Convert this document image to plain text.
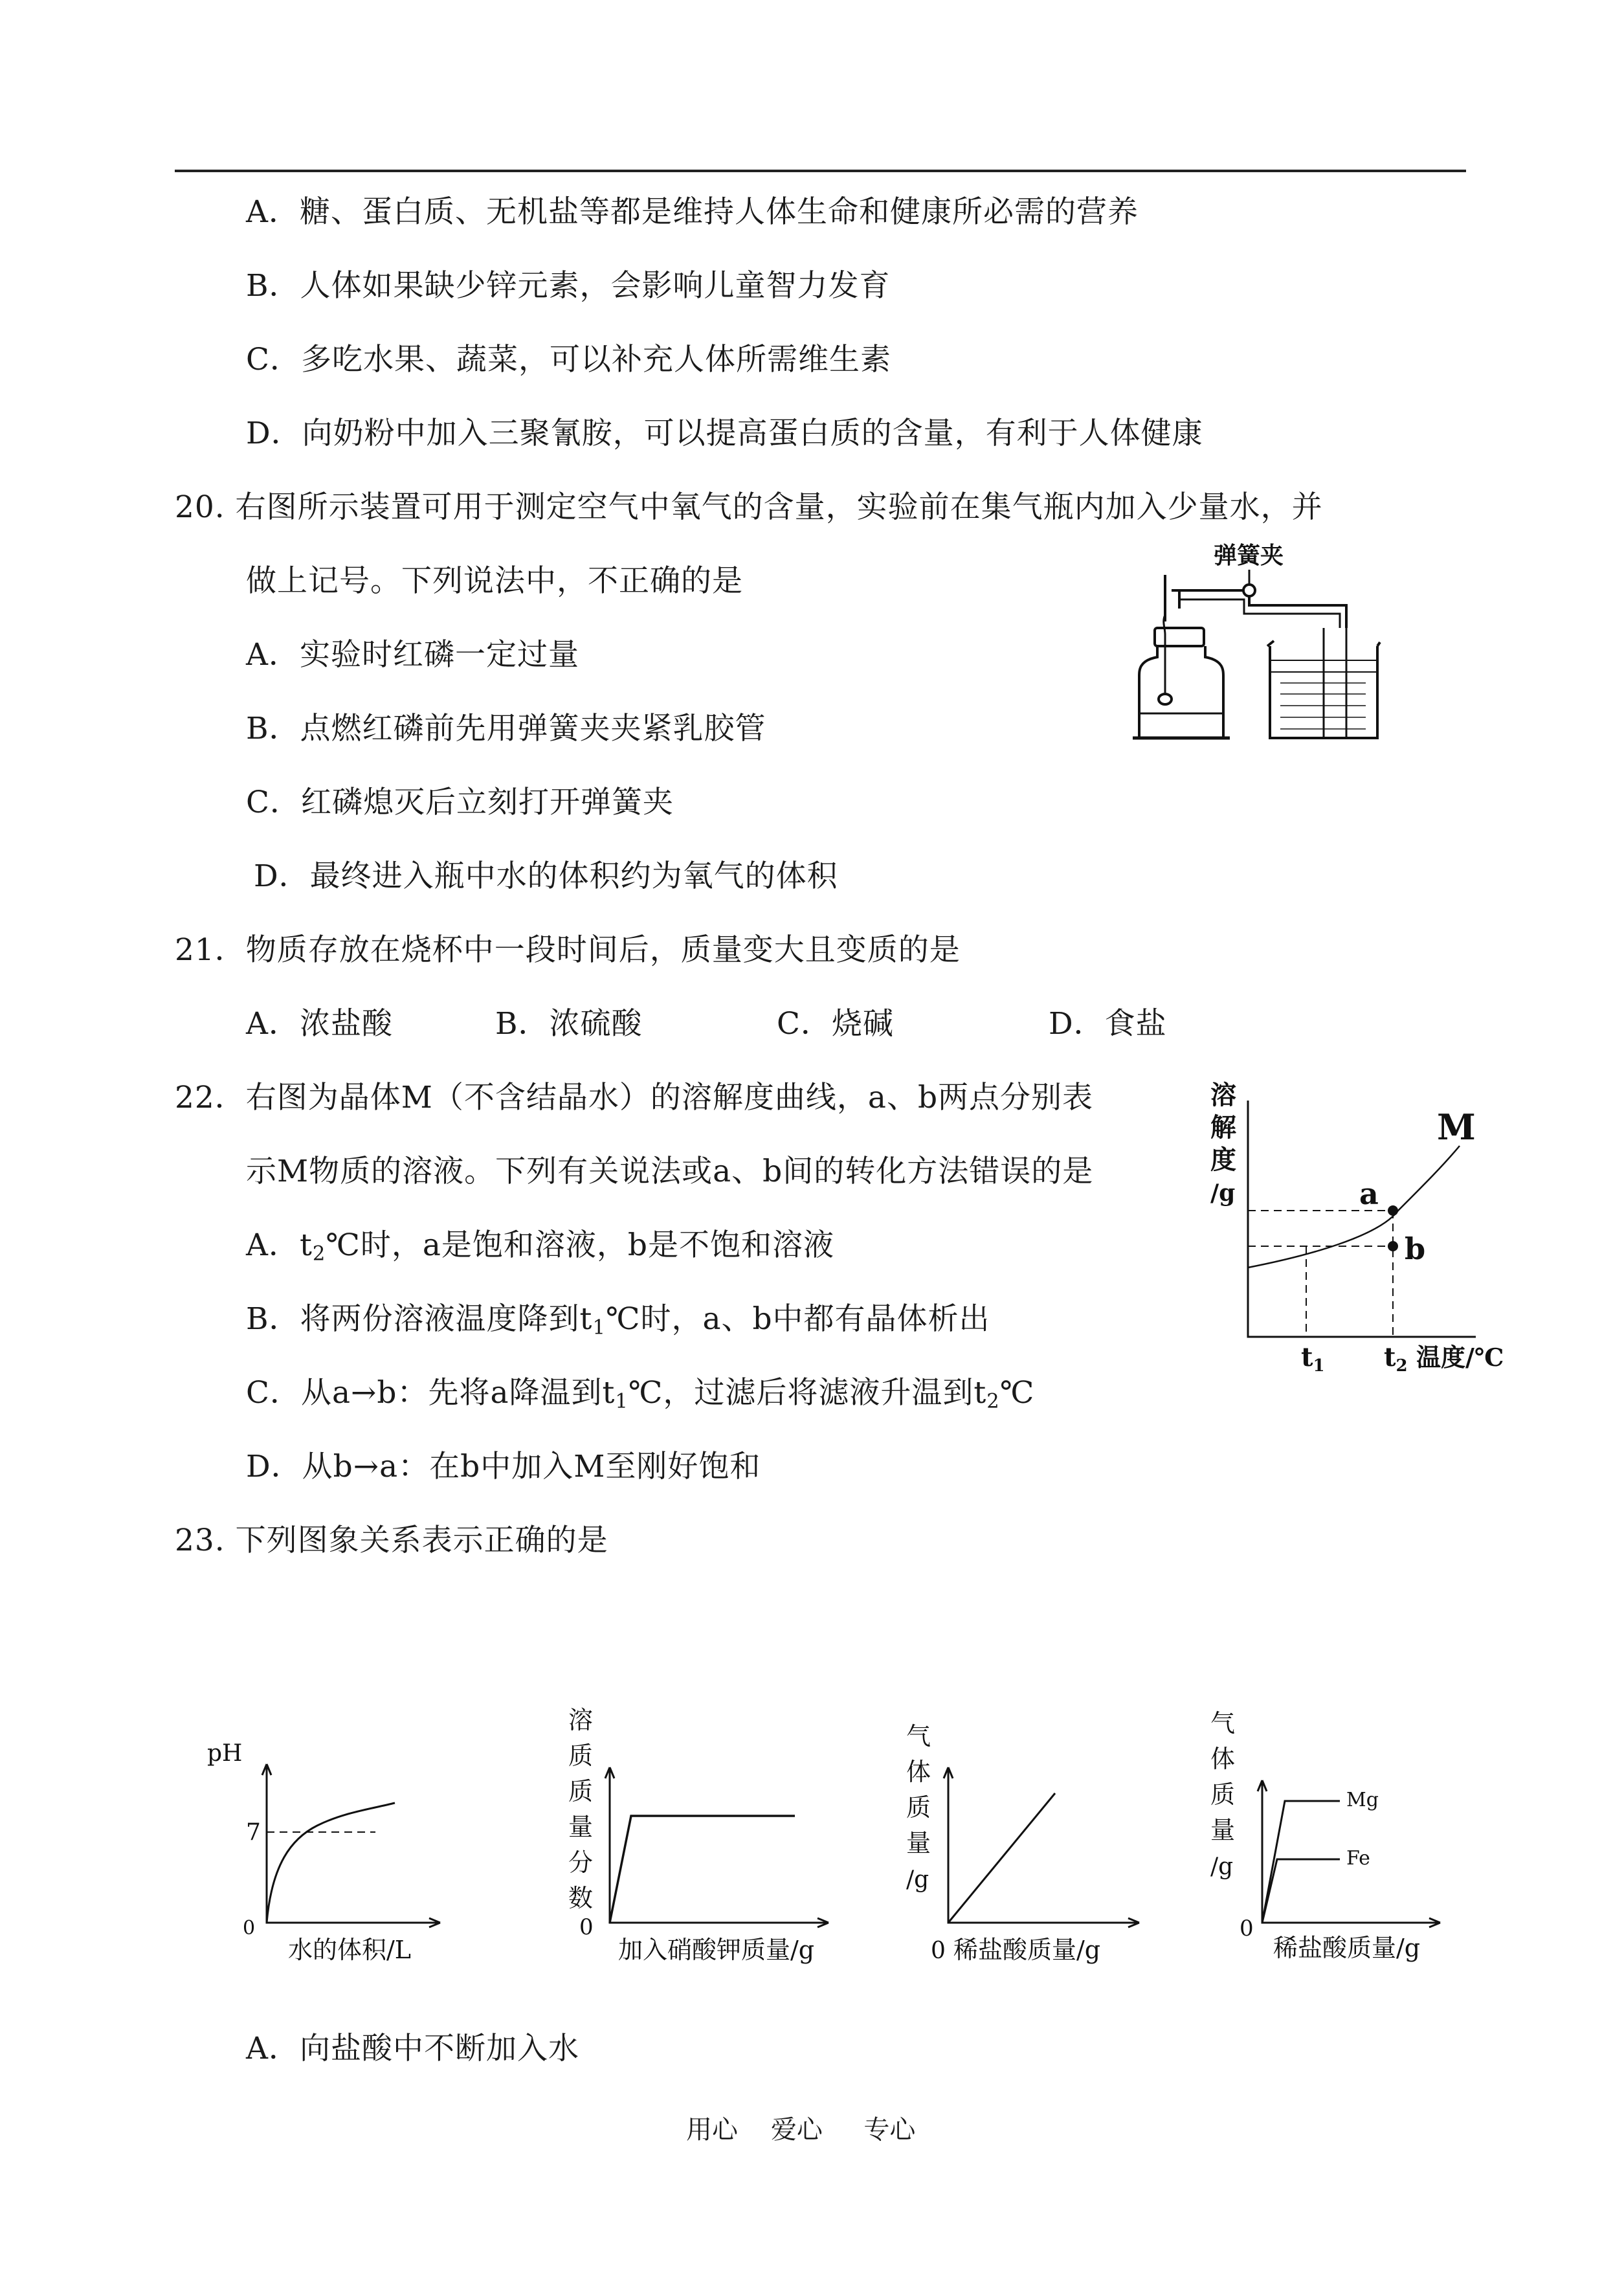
A．糖、蛋白质、无机盐等都是维持人体生命和健康所必需的营养
B．人体如果缺少锌元素，会影响儿童智力发育
C．多吃水果、蔬菜，可以补充人体所需维生素
D．向奶粉中加入三聚氰胺，可以提高蛋白质的含量，有利于人体健康
20. 右图所示装置可用于测定空气中氧气的含量，实验前在集气瓶内加入少量水，并
做上记号。下列说法中，不正确的是
A．实验时红磷一定过量
B．点燃红磷前先用弹簧夹夹紧乳胶管
C．红磷熄灭后立刻打开弹簧夹
D．最终进入瓶中水的体积约为氧气的体积
弹簧夹
21．物质存放在烧杯中一段时间后，质量变大且变质的是
A．浓盐酸	B．浓硫酸	C．烧碱	D．食盐
22．右图为晶体M（不含结晶水）的溶解度曲线，a、b两点分别表
示M物质的溶液。下列有关说法或a、b间的转化方法错误的是
A．$t_2℃$时，a是饱和溶液，b是不饱和溶液
B．将两份溶液温度降到$t_1℃$时，a、b中都有晶体析出
C．从a→b：先将a降温到$t_1℃$，过滤后将滤液升温到$t_2℃$
D．从b→a：在b中加入M至刚好饱和
溶
解
度
/g
M
a
b
$t_1$ $t_2$ 温度/℃
23. 下列图象关系表示正确的是
pH
7
0
水的体积/L
溶
质
质
量
分
数
0
加入硝酸钾质量/g
气
体
质
量
/g
0 稀盐酸质量/g
气
体
质
量
/g
Mg
Fe
0
稀盐酸质量/g
A．向盐酸中不断加入水
用心    爱心     专心
